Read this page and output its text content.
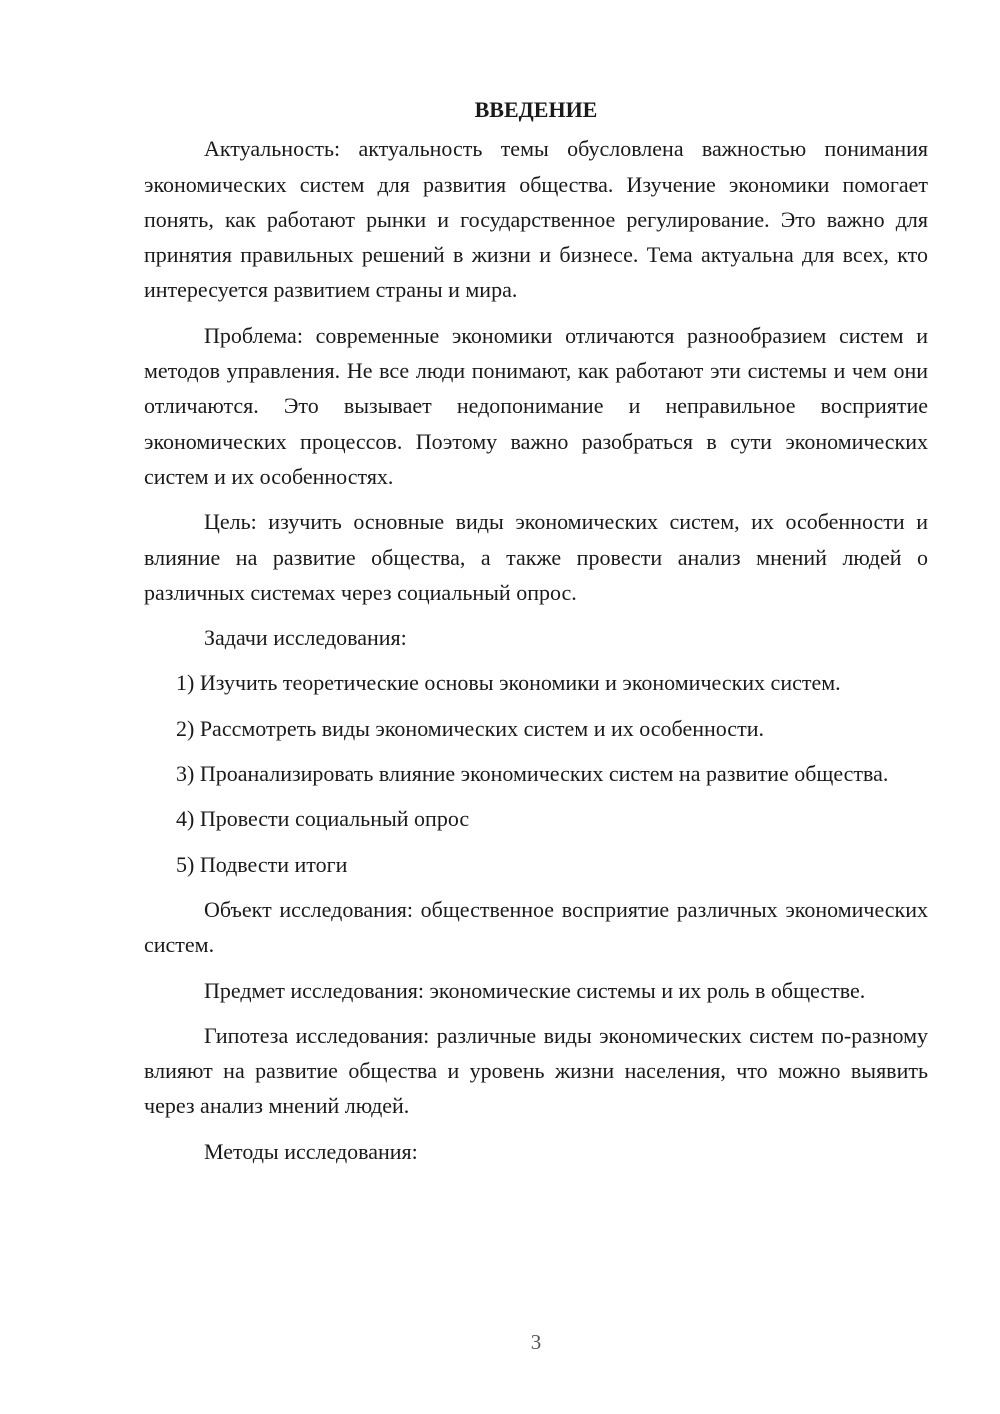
ВВЕДЕНИЕ

Актуальность: актуальность темы обусловлена важностью понимания экономических систем для развития общества. Изучение экономики помогает понять, как работают рынки и государственное регулирование. Это важно для принятия правильных решений в жизни и бизнесе. Тема актуальна для всех, кто интересуется развитием страны и мира.

Проблема: современные экономики отличаются разнообразием систем и методов управления. Не все люди понимают, как работают эти системы и чем они отличаются. Это вызывает недопонимание и неправильное восприятие экономических процессов. Поэтому важно разобраться в сути экономических систем и их особенностях.

Цель: изучить основные виды экономических систем, их особенности и влияние на развитие общества, а также провести анализ мнений людей о различных системах через социальный опрос.

Задачи исследования:

1) Изучить теоретические основы экономики и экономических систем.

2) Рассмотреть виды экономических систем и их особенности.

3) Проанализировать влияние экономических систем на развитие общества.

4) Провести социальный опрос

5) Подвести итоги

Объект исследования: общественное восприятие различных экономических систем.

Предмет исследования: экономические системы и их роль в обществе.

Гипотеза исследования: различные виды экономических систем по-разному влияют на развитие общества и уровень жизни населения, что можно выявить через анализ мнений людей.

Методы исследования:

3
